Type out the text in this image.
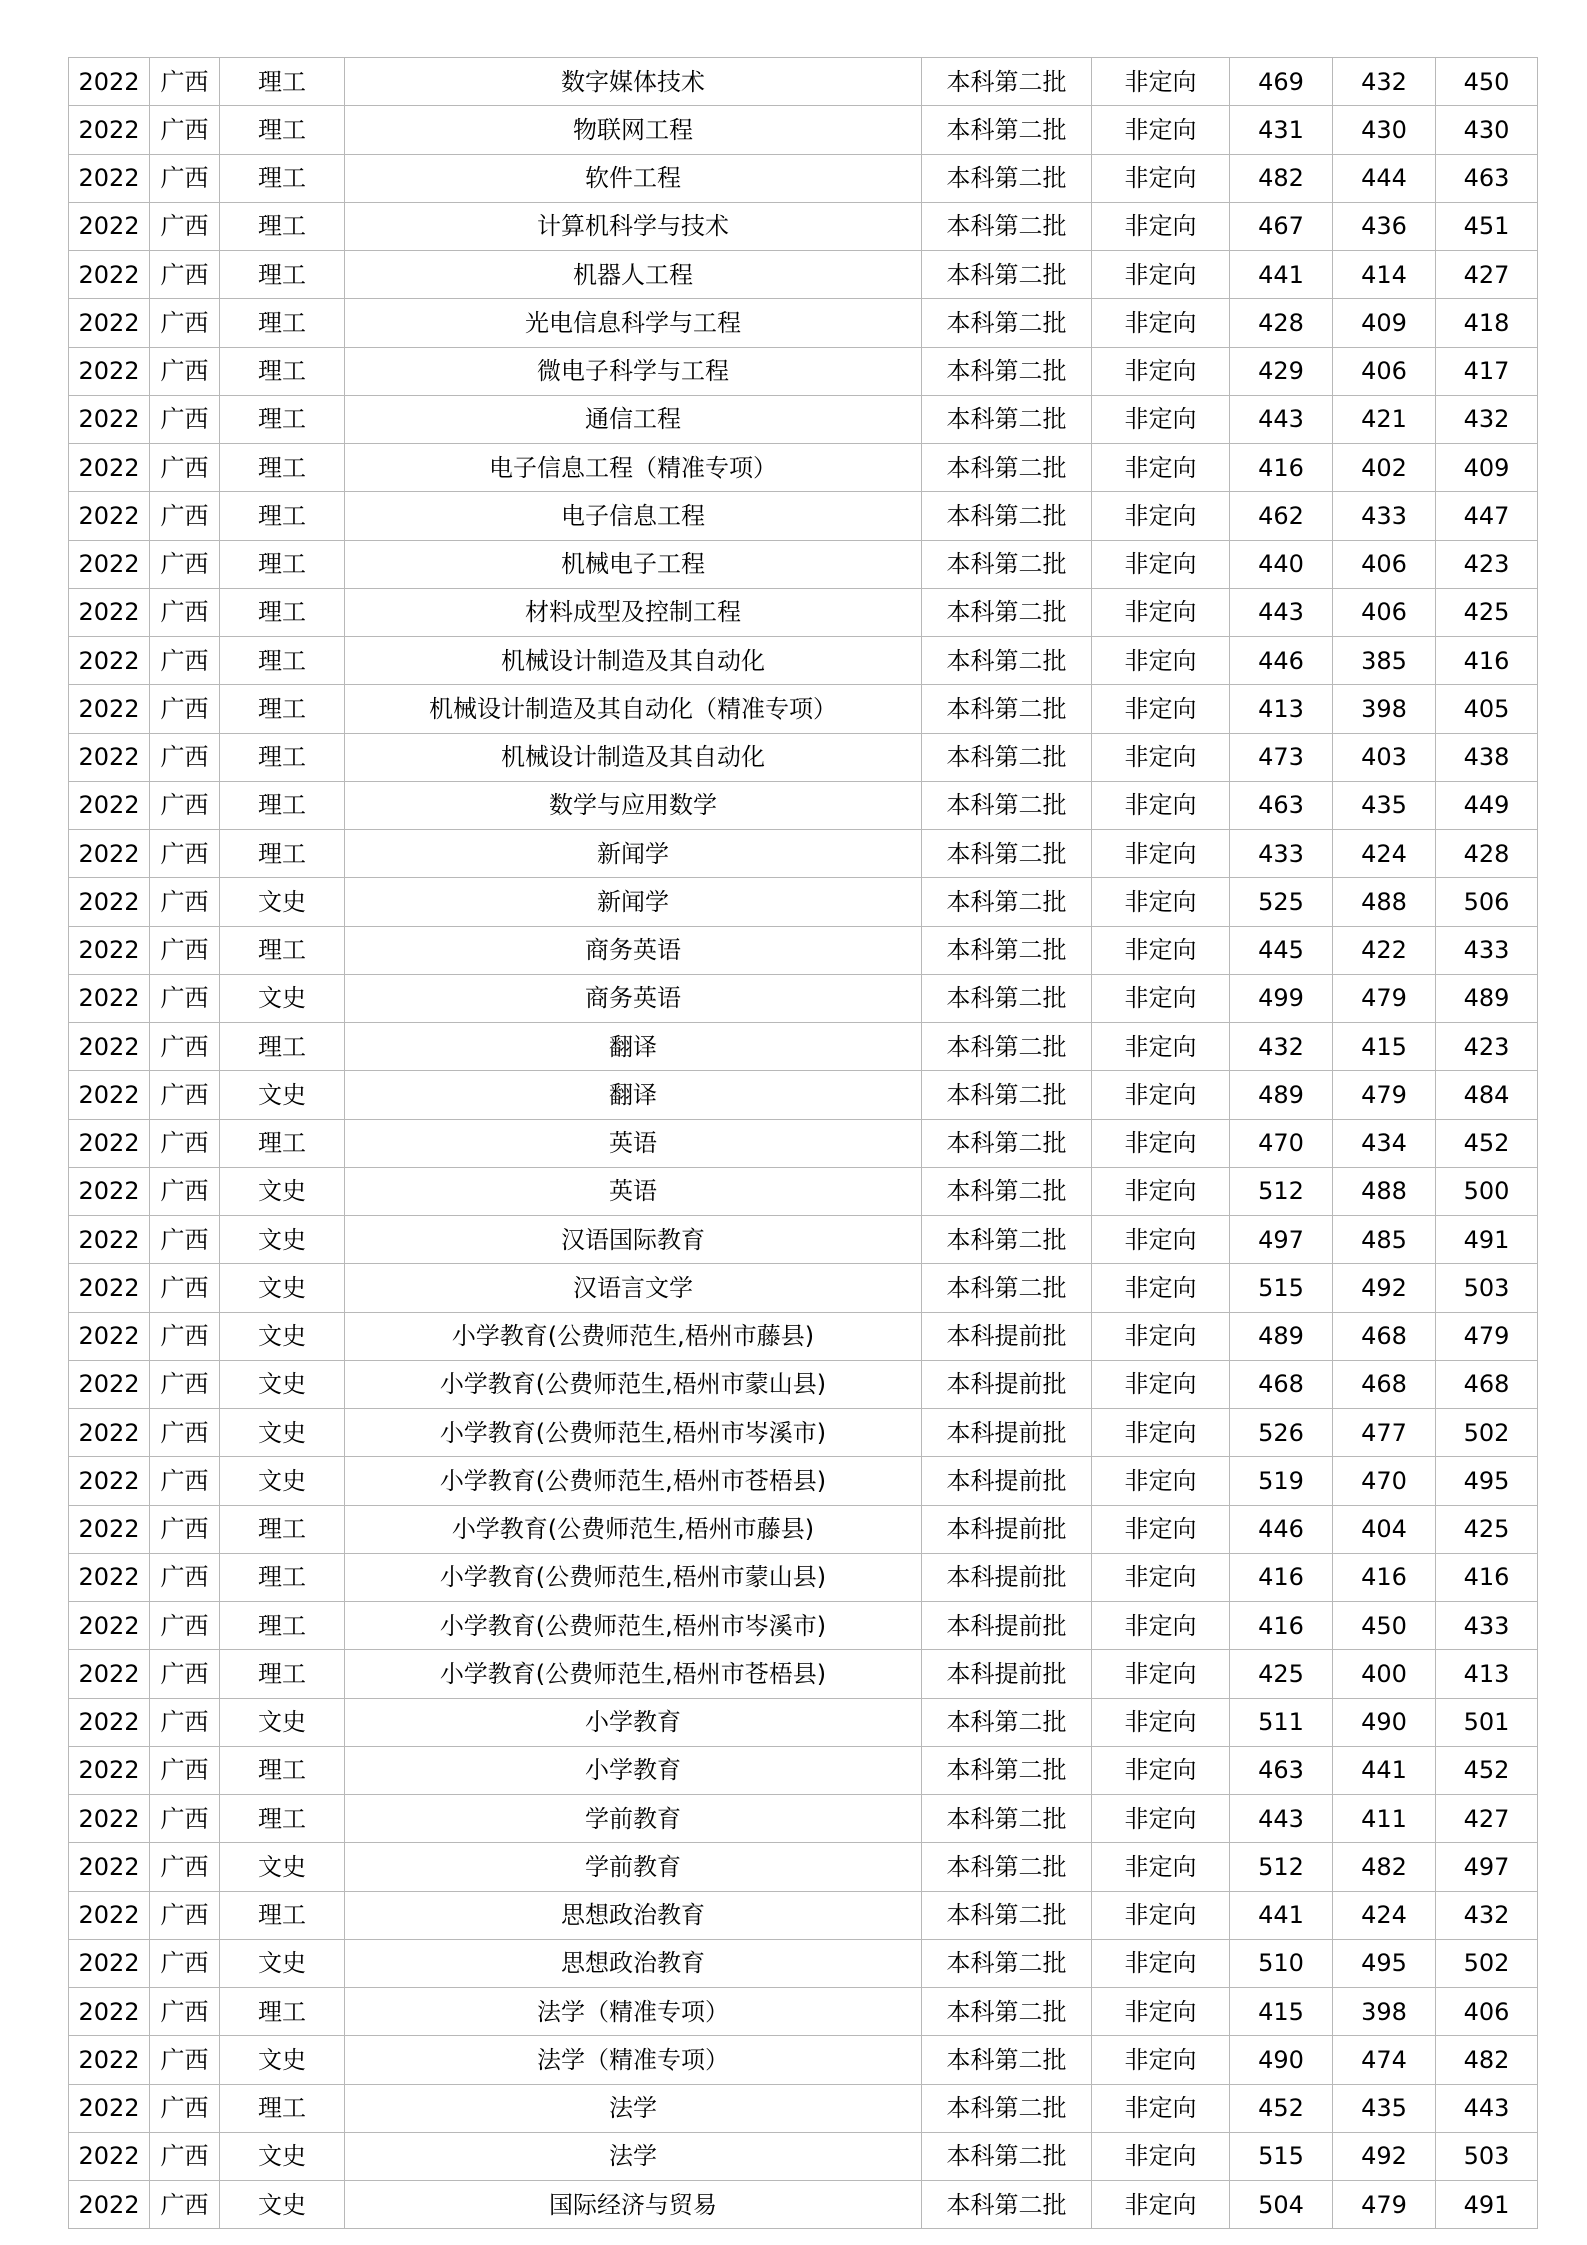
2022	广西	理工	数字媒体技术	本科第二批	非定向	469	432	450
2022	广西	理工	物联网工程	本科第二批	非定向	431	430	430
2022	广西	理工	软件工程	本科第二批	非定向	482	444	463
2022	广西	理工	计算机科学与技术	本科第二批	非定向	467	436	451
2022	广西	理工	机器人工程	本科第二批	非定向	441	414	427
2022	广西	理工	光电信息科学与工程	本科第二批	非定向	428	409	418
2022	广西	理工	微电子科学与工程	本科第二批	非定向	429	406	417
2022	广西	理工	通信工程	本科第二批	非定向	443	421	432
2022	广西	理工	电子信息工程（精准专项）	本科第二批	非定向	416	402	409
2022	广西	理工	电子信息工程	本科第二批	非定向	462	433	447
2022	广西	理工	机械电子工程	本科第二批	非定向	440	406	423
2022	广西	理工	材料成型及控制工程	本科第二批	非定向	443	406	425
2022	广西	理工	机械设计制造及其自动化	本科第二批	非定向	446	385	416
2022	广西	理工	机械设计制造及其自动化（精准专项）	本科第二批	非定向	413	398	405
2022	广西	理工	机械设计制造及其自动化	本科第二批	非定向	473	403	438
2022	广西	理工	数学与应用数学	本科第二批	非定向	463	435	449
2022	广西	理工	新闻学	本科第二批	非定向	433	424	428
2022	广西	文史	新闻学	本科第二批	非定向	525	488	506
2022	广西	理工	商务英语	本科第二批	非定向	445	422	433
2022	广西	文史	商务英语	本科第二批	非定向	499	479	489
2022	广西	理工	翻译	本科第二批	非定向	432	415	423
2022	广西	文史	翻译	本科第二批	非定向	489	479	484
2022	广西	理工	英语	本科第二批	非定向	470	434	452
2022	广西	文史	英语	本科第二批	非定向	512	488	500
2022	广西	文史	汉语国际教育	本科第二批	非定向	497	485	491
2022	广西	文史	汉语言文学	本科第二批	非定向	515	492	503
2022	广西	文史	小学教育(公费师范生,梧州市藤县)	本科提前批	非定向	489	468	479
2022	广西	文史	小学教育(公费师范生,梧州市蒙山县)	本科提前批	非定向	468	468	468
2022	广西	文史	小学教育(公费师范生,梧州市岑溪市)	本科提前批	非定向	526	477	502
2022	广西	文史	小学教育(公费师范生,梧州市苍梧县)	本科提前批	非定向	519	470	495
2022	广西	理工	小学教育(公费师范生,梧州市藤县)	本科提前批	非定向	446	404	425
2022	广西	理工	小学教育(公费师范生,梧州市蒙山县)	本科提前批	非定向	416	416	416
2022	广西	理工	小学教育(公费师范生,梧州市岑溪市)	本科提前批	非定向	416	450	433
2022	广西	理工	小学教育(公费师范生,梧州市苍梧县)	本科提前批	非定向	425	400	413
2022	广西	文史	小学教育	本科第二批	非定向	511	490	501
2022	广西	理工	小学教育	本科第二批	非定向	463	441	452
2022	广西	理工	学前教育	本科第二批	非定向	443	411	427
2022	广西	文史	学前教育	本科第二批	非定向	512	482	497
2022	广西	理工	思想政治教育	本科第二批	非定向	441	424	432
2022	广西	文史	思想政治教育	本科第二批	非定向	510	495	502
2022	广西	理工	法学（精准专项）	本科第二批	非定向	415	398	406
2022	广西	文史	法学（精准专项）	本科第二批	非定向	490	474	482
2022	广西	理工	法学	本科第二批	非定向	452	435	443
2022	广西	文史	法学	本科第二批	非定向	515	492	503
2022	广西	文史	国际经济与贸易	本科第二批	非定向	504	479	491
